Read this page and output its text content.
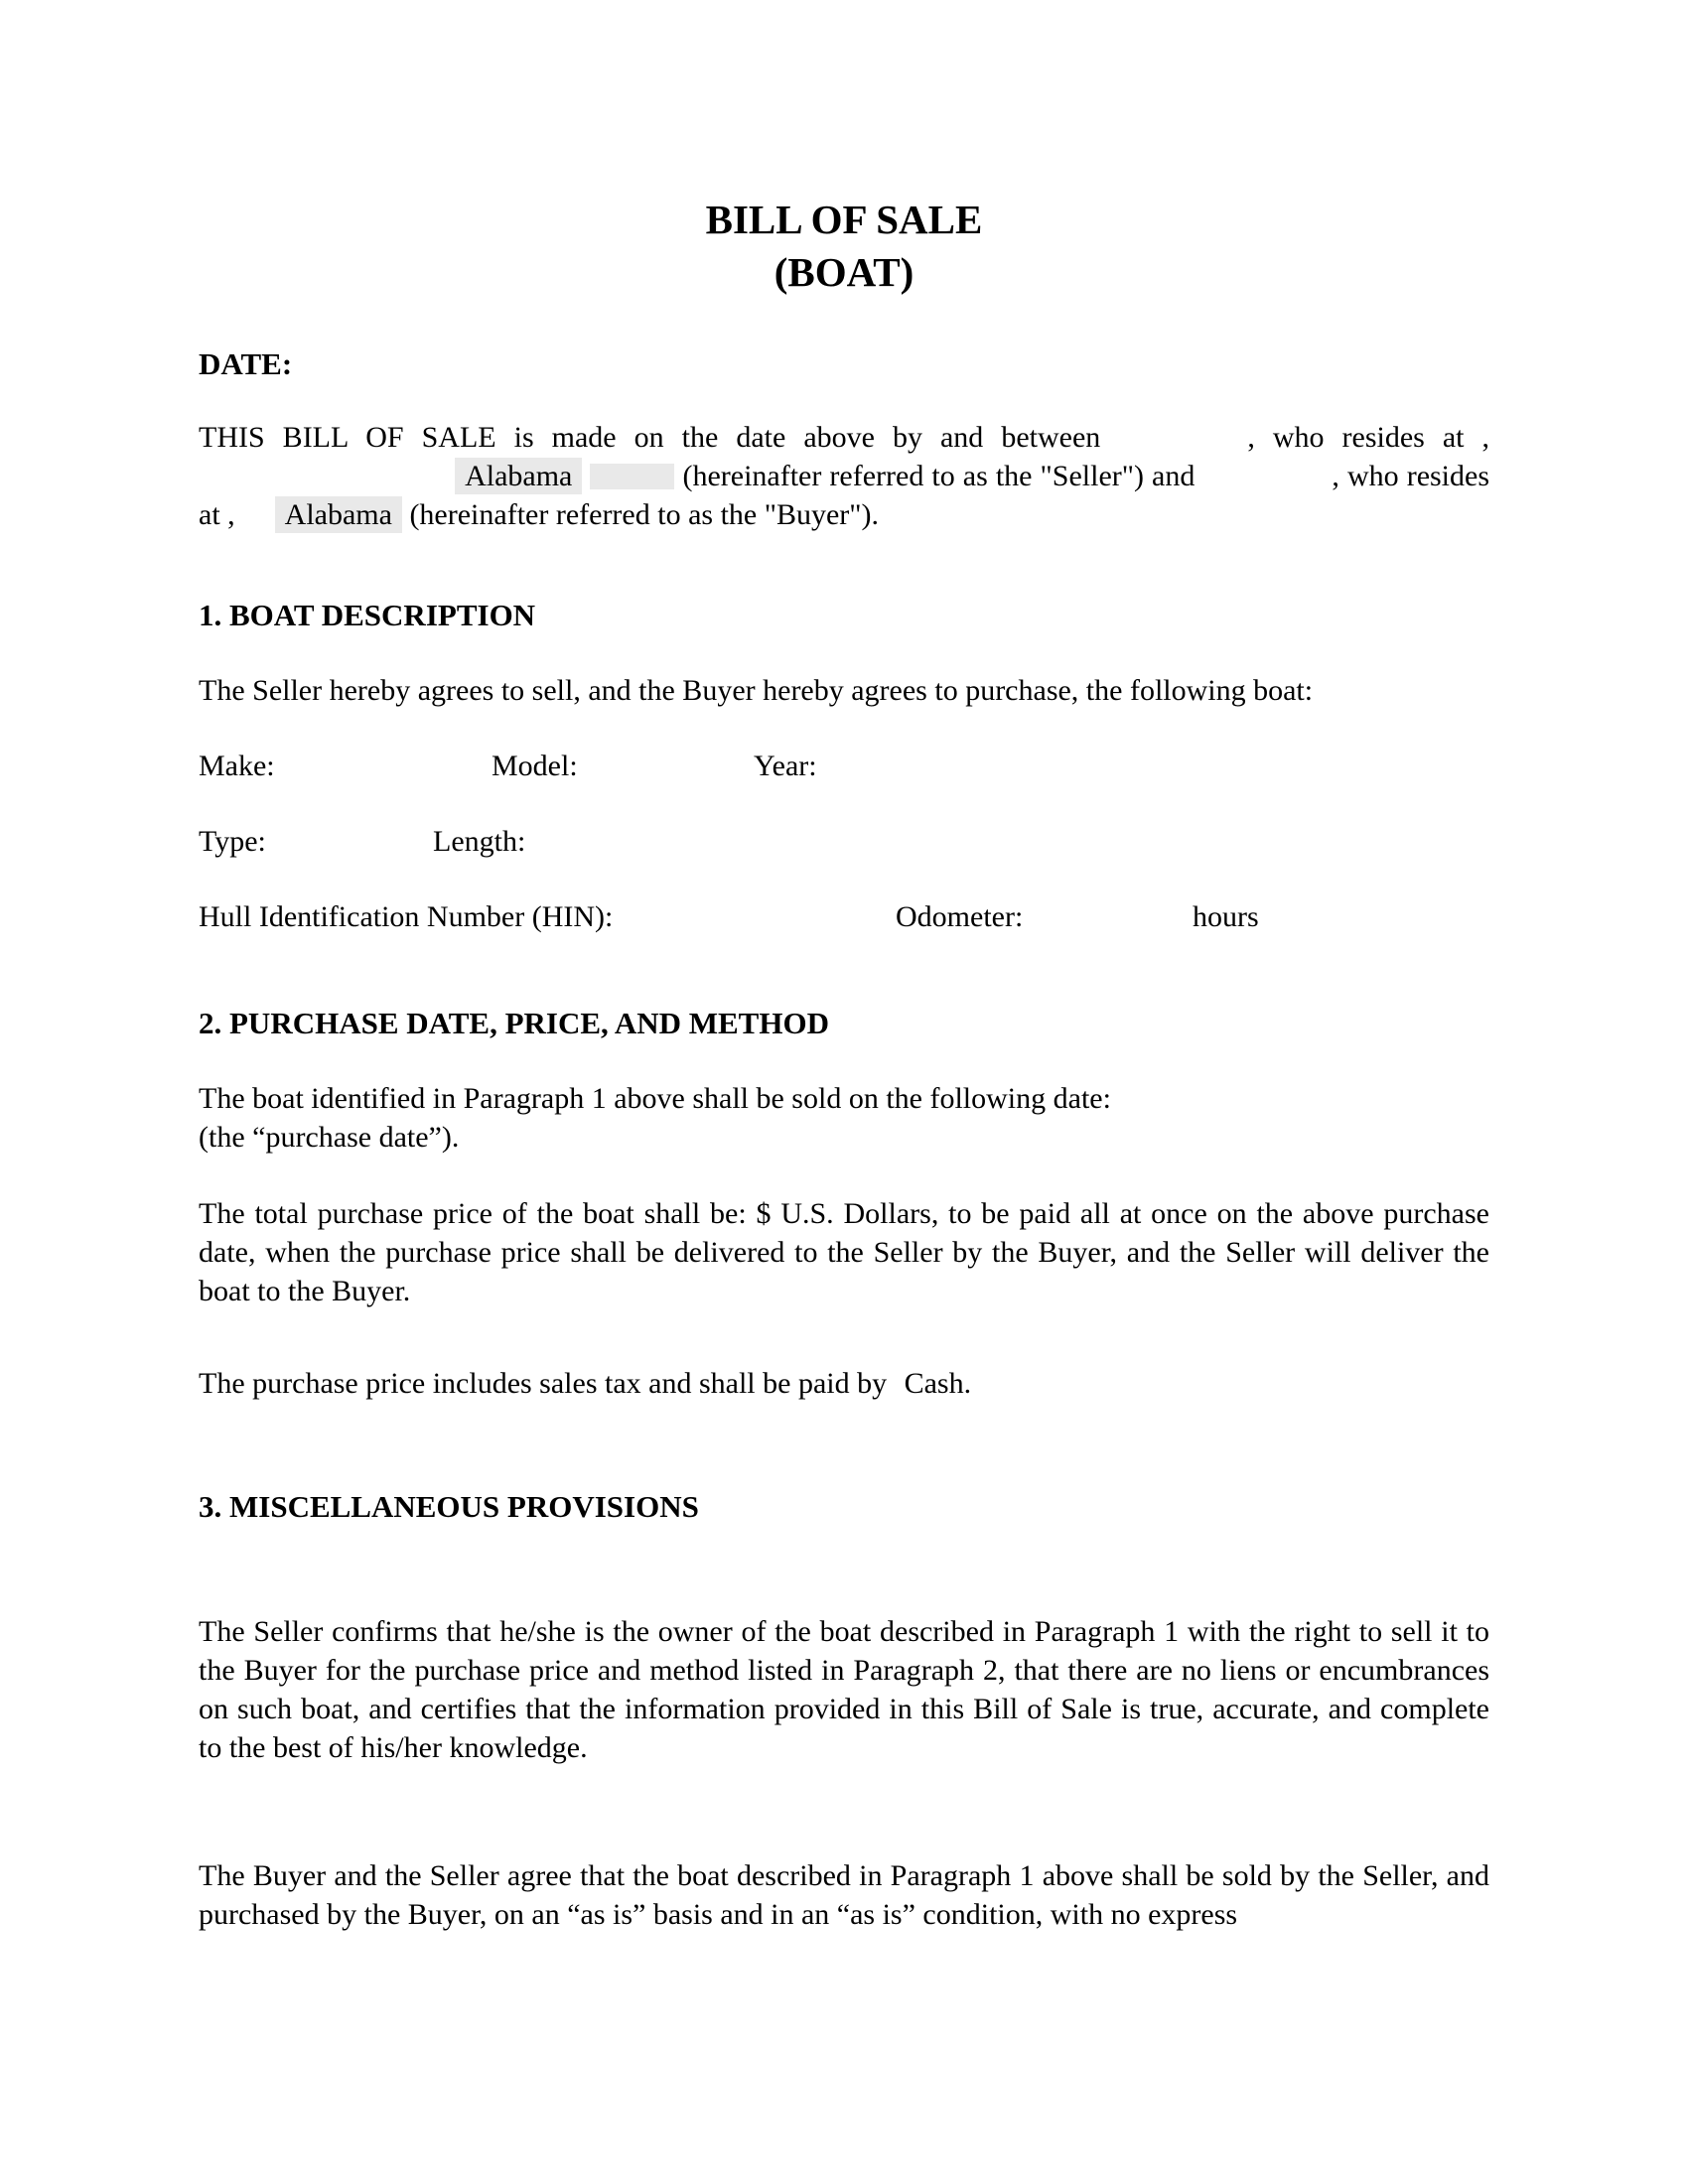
BILL OF SALE
(BOAT)
DATE:
THIS BILL OF SALE is made on the date above by and between	, who resides at ,  Alabama	(hereinafter referred to as the "Seller") and	, who resides at , Alabama (hereinafter referred to as the "Buyer").
1. BOAT DESCRIPTION
The Seller hereby agrees to sell, and the Buyer hereby agrees to purchase, the following boat:
Make:	Model:	Year:
Type:	Length:
Hull Identification Number (HIN):	Odometer:	hours
2. PURCHASE DATE, PRICE, AND METHOD
The boat identified in Paragraph 1 above shall be sold on the following date:
(the “purchase date”).
The total purchase price of the boat shall be: $ U.S. Dollars, to be paid all at once on the above purchase date, when the purchase price shall be delivered to the Seller by the Buyer, and the Seller will deliver the boat to the Buyer.
The purchase price includes sales tax and shall be paid by Cash.
3. MISCELLANEOUS PROVISIONS
The Seller confirms that he/she is the owner of the boat described in Paragraph 1 with the right to sell it to the Buyer for the purchase price and method listed in Paragraph 2, that there are no liens or encumbrances on such boat, and certifies that the information provided in this Bill of Sale is true, accurate, and complete to the best of his/her knowledge.
The Buyer and the Seller agree that the boat described in Paragraph 1 above shall be sold by the Seller, and purchased by the Buyer, on an “as is” basis and in an “as is” condition, with no express
